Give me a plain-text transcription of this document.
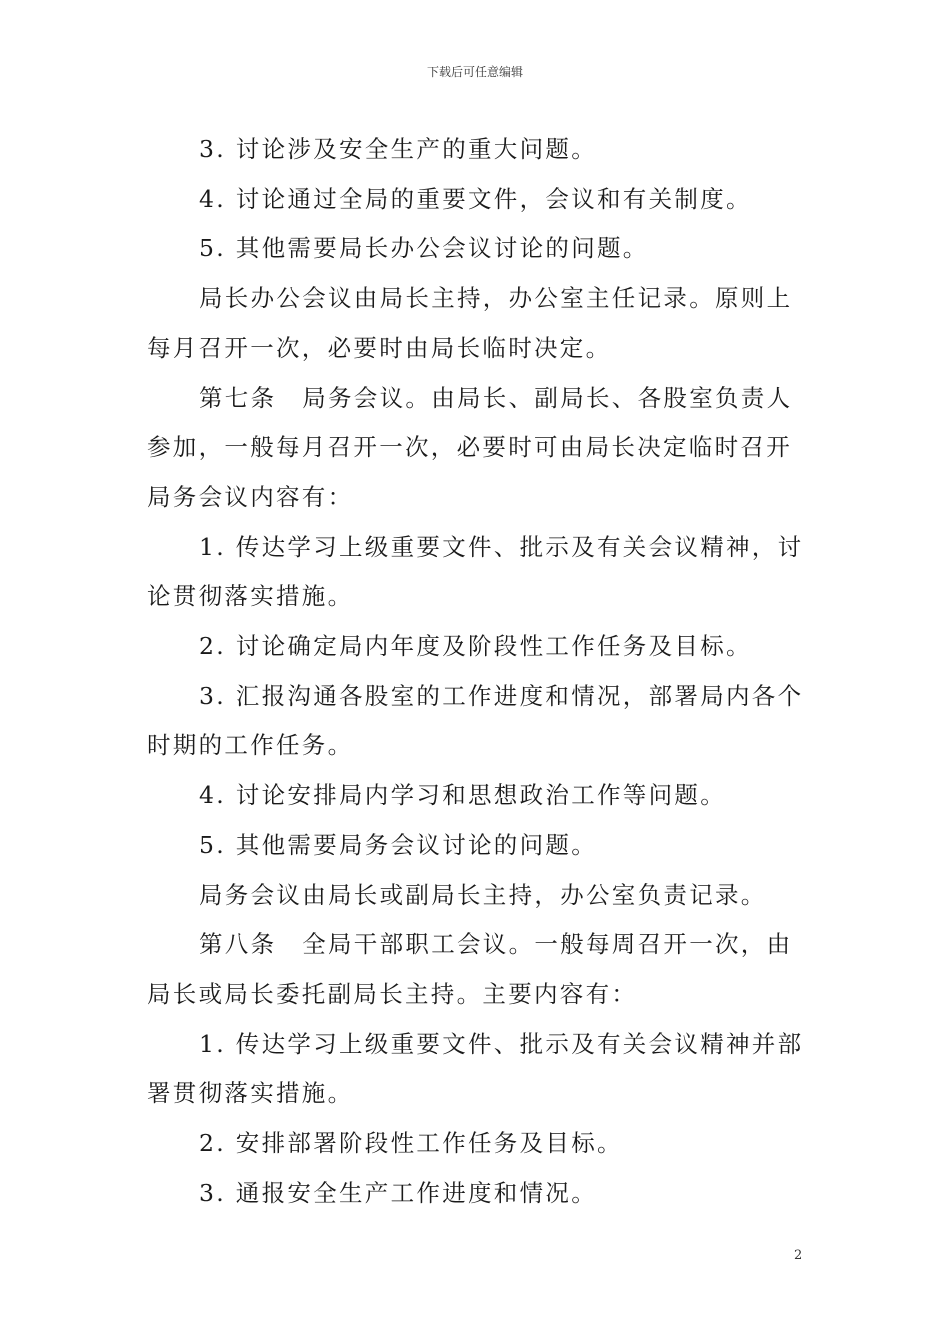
下载后可任意编辑

3. 讨论涉及安全生产的重大问题。

4. 讨论通过全局的重要文件，会议和有关制度。

5. 其他需要局长办公会议讨论的问题。

局长办公会议由局长主持，办公室主任记录。原则上每月召开一次，必要时由局长临时决定。

第七条　局务会议。由局长、副局长、各股室负责人参加，一般每月召开一次，必要时可由局长决定临时召开局务会议内容有：

1. 传达学习上级重要文件、批示及有关会议精神，讨论贯彻落实措施。

2. 讨论确定局内年度及阶段性工作任务及目标。

3. 汇报沟通各股室的工作进度和情况，部署局内各个时期的工作任务。

4. 讨论安排局内学习和思想政治工作等问题。

5. 其他需要局务会议讨论的问题。

局务会议由局长或副局长主持，办公室负责记录。

第八条　全局干部职工会议。一般每周召开一次，由局长或局长委托副局长主持。主要内容有：

1. 传达学习上级重要文件、批示及有关会议精神并部署贯彻落实措施。

2. 安排部署阶段性工作任务及目标。

3. 通报安全生产工作进度和情况。

2
